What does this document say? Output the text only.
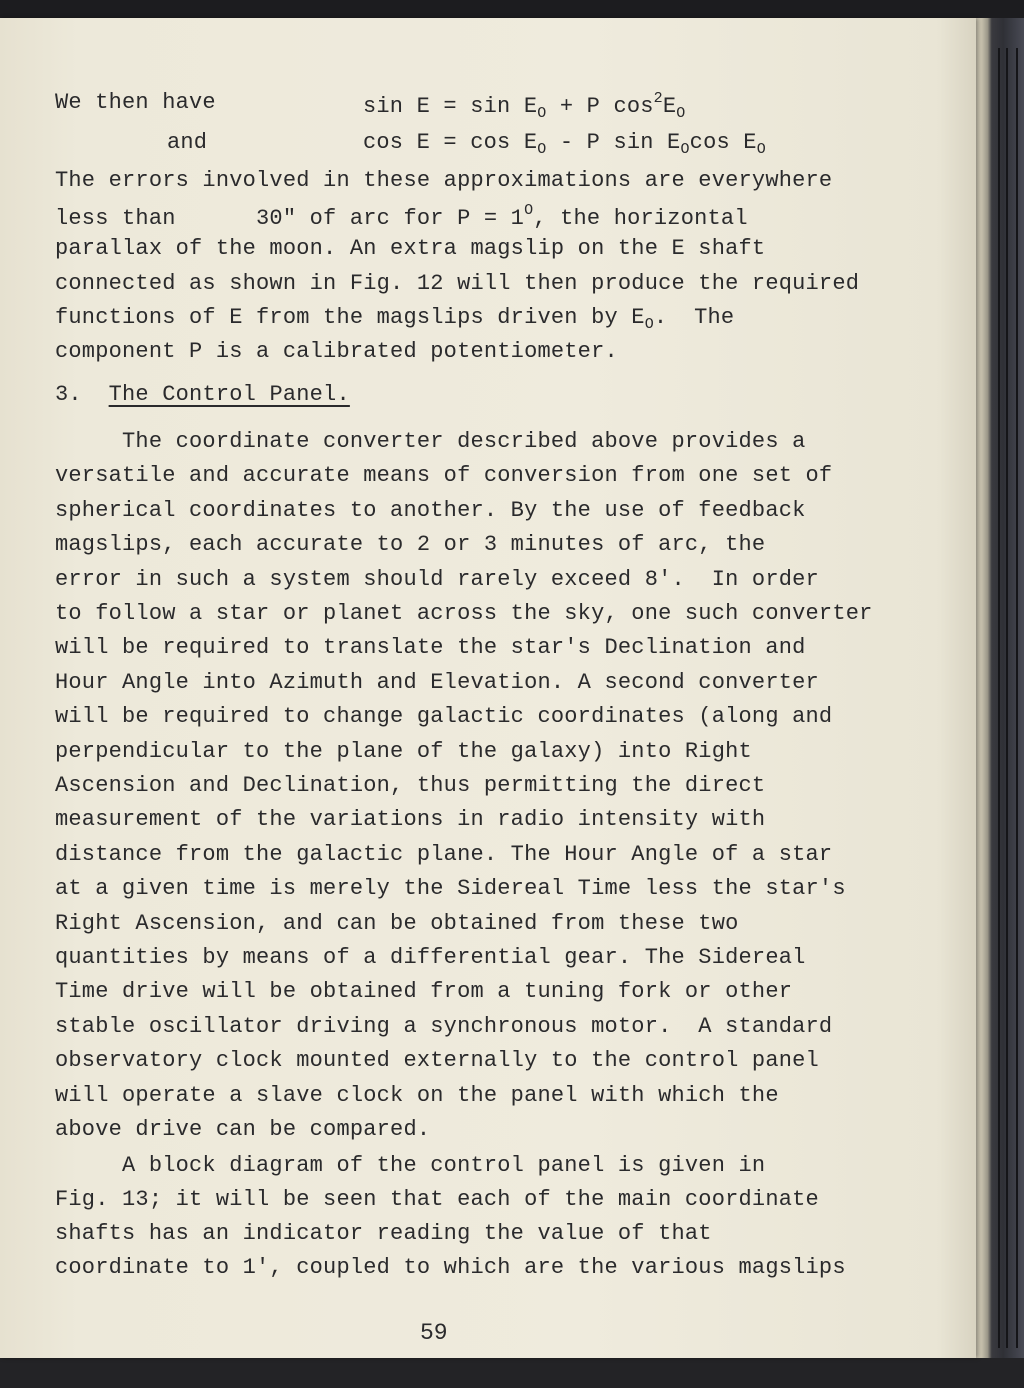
We then have	$\sin E = \sin E_O + P$ $\cos^2E_O$
and	$\cos E = \cos E_O - P$ $\sin E_O\cos$ $E_O$
The errors involved in these approximations are everywhere
less than      30" of arc for $P = 1^O$, the horizontal
parallax of the moon. An extra magslip on the E shaft
connected as shown in Fig. 12 will then produce the required
functions of E from the magslips driven by $E_O$.  The
component P is a calibrated potentiometer.
3. The Control Panel.
The coordinate converter described above provides a
versatile and accurate means of conversion from one set of
spherical coordinates to another. By the use of feedback
magslips, each accurate to 2 or 3 minutes of arc, the
error in such a system should rarely exceed 8'.  In order
to follow a star or planet across the sky, one such converter
will be required to translate the star's Declination and
Hour Angle into Azimuth and Elevation. A second converter
will be required to change galactic coordinates (along and
perpendicular to the plane of the galaxy) into Right
Ascension and Declination, thus permitting the direct
measurement of the variations in radio intensity with
distance from the galactic plane. The Hour Angle of a star
at a given time is merely the Sidereal Time less the star's
Right Ascension, and can be obtained from these two
quantities by means of a differential gear. The Sidereal
Time drive will be obtained from a tuning fork or other
stable oscillator driving a synchronous motor.  A standard
observatory clock mounted externally to the control panel
will operate a slave clock on the panel with which the
above drive can be compared.
A block diagram of the control panel is given in
Fig. 13; it will be seen that each of the main coordinate
shafts has an indicator reading the value of that
coordinate to 1', coupled to which are the various magslips
59
